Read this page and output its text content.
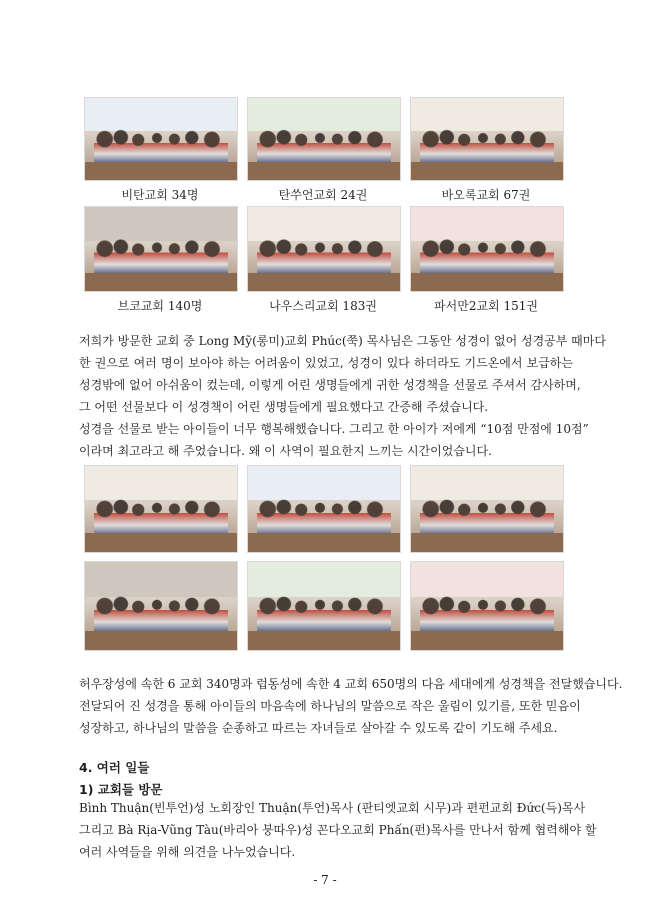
비탄교회 34명	탄쑤언교회 24권	바오록교회 67권
브코교회 140명	나우스리교회 183권	파서만2교회 151권
저희가 방문한 교회 중 Long Mỹ(롱미)교회 Phúc(쭉) 목사님은 그동안 성경이 없어 성경공부 때마다
한 권으로 여러 명이 보아야 하는 어려움이 있었고, 성경이 있다 하더라도 기드온에서 보급하는
성경밖에 없어 아쉬움이 컸는데, 이렇게 어린 생명들에게 귀한 성경책을 선물로 주셔서 감사하며,
그 어떤 선물보다 이 성경책이 어린 생명들에게 필요했다고 간증해 주셨습니다.
성경을 선물로 받는 아이들이 너무 행복해했습니다. 그리고 한 아이가 저에게 “10점 만점에 10점”
이라며 최고라고 해 주었습니다. 왜 이 사역이 필요한지 느끼는 시간이었습니다.
허우장성에 속한 6 교회 340명과 럽동성에 속한 4 교회 650명의 다음 세대에게 성경책을 전달했습니다.
전달되어 진 성경을 통해 아이들의 마음속에 하나님의 말씀으로 작은 울림이 있기를, 또한 믿음이
성장하고, 하나님의 말씀을 순종하고 따르는 자녀들로 살아갈 수 있도록 같이 기도해 주세요.
4. 여러 일들
1) 교회들 방문
Bình Thuận(빈투언)성 노회장인 Thuận(투언)목사 (판티엣교회 시무)과 편펀교회 Đức(득)목사
그리고 Bà Rịa-Vũng Tàu(바리아 붕따우)성 꼰다오교회 Phấn(펀)목사를 만나서 함께 협력해야 할
여러 사역들을 위해 의견을 나누었습니다.
- 7 -
